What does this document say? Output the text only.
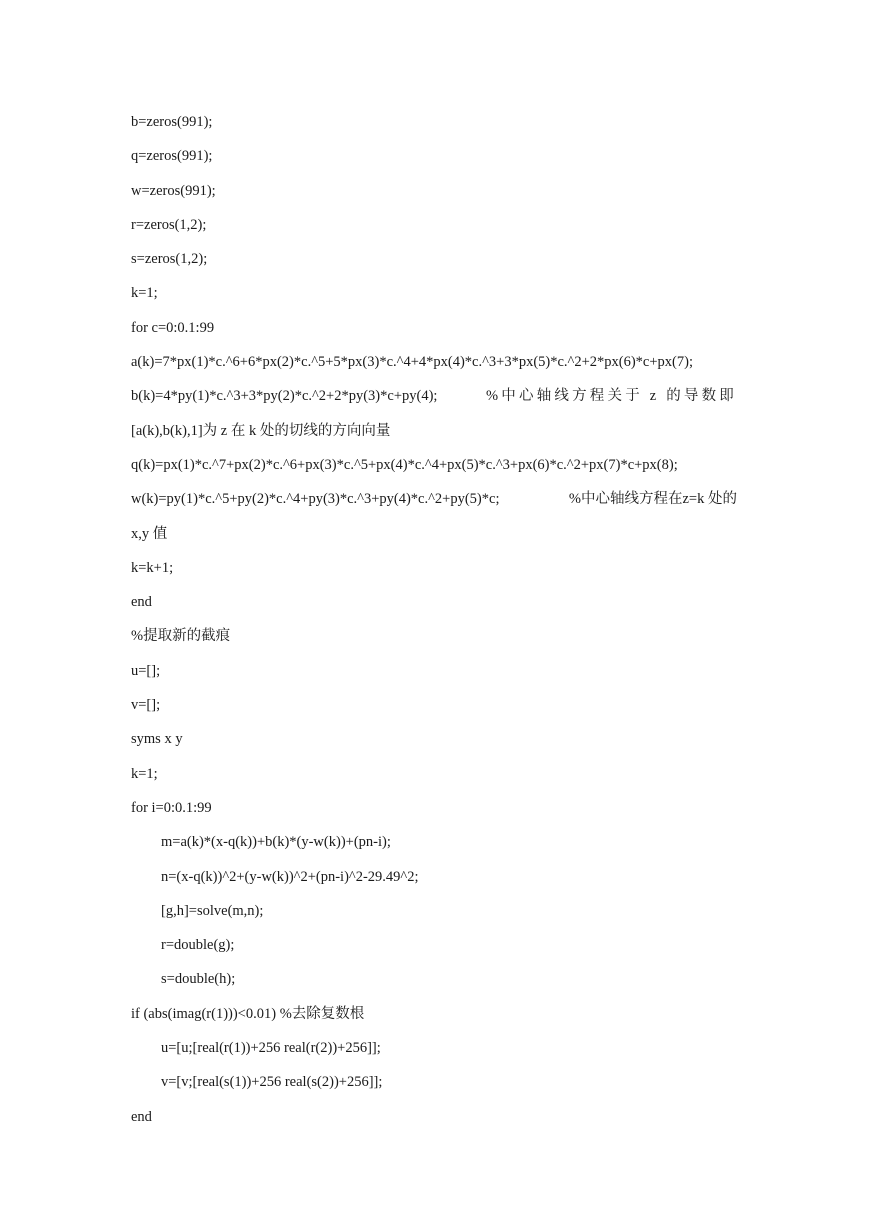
b=zeros(991);
q=zeros(991);
w=zeros(991);
r=zeros(1,2);
s=zeros(1,2);
k=1;
for c=0:0.1:99
a(k)=7*px(1)*c.^6+6*px(2)*c.^5+5*px(3)*c.^4+4*px(4)*c.^3+3*px(5)*c.^2+2*px(6)*c+px(7);
b(k)=4*py(1)*c.^3+3*py(2)*c.^2+2*py(3)*c+py(4);	%中心轴线方程关于 z 的导数即
[a(k),b(k),1]为 z 在 k 处的切线的方向向量
q(k)=px(1)*c.^7+px(2)*c.^6+px(3)*c.^5+px(4)*c.^4+px(5)*c.^3+px(6)*c.^2+px(7)*c+px(8);
w(k)=py(1)*c.^5+py(2)*c.^4+py(3)*c.^3+py(4)*c.^2+py(5)*c;	%中心轴线方程在z=k 处的
x,y 值
k=k+1;
end
%提取新的截痕
u=[];
v=[];
syms x y
k=1;
for i=0:0.1:99
m=a(k)*(x-q(k))+b(k)*(y-w(k))+(pn-i);
n=(x-q(k))^2+(y-w(k))^2+(pn-i)^2-29.49^2;
[g,h]=solve(m,n);
r=double(g);
s=double(h);
if (abs(imag(r(1)))<0.01) %去除复数根
u=[u;[real(r(1))+256 real(r(2))+256]];
v=[v;[real(s(1))+256 real(s(2))+256]];
end
